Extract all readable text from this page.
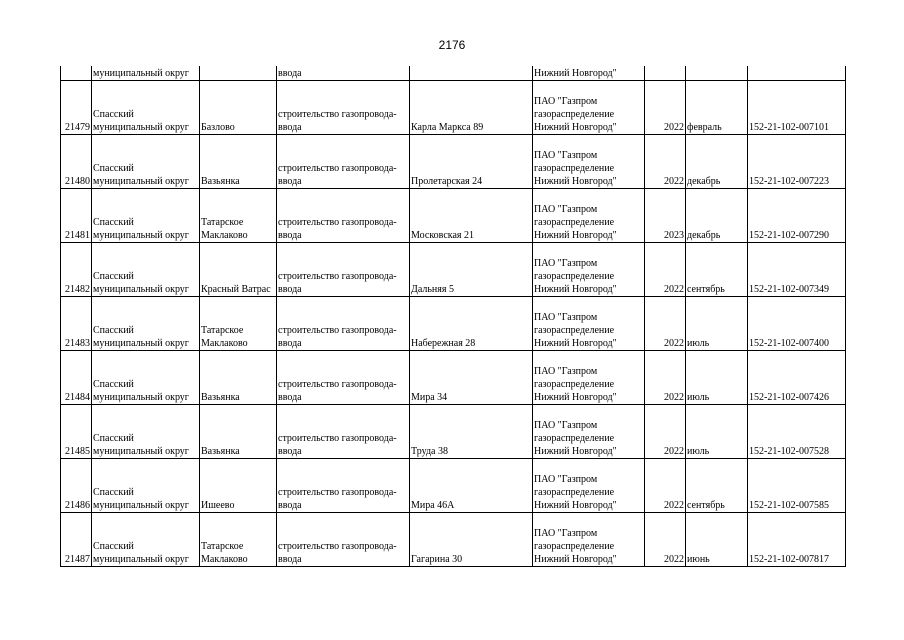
2176
	муниципальный округ		ввода		Нижний Новгород"			
21479	Спасский
муниципальный округ	Базлово	строительство газопровода-
ввода	Карла Маркса 89	ПАО "Газпром
газораспределение
Нижний Новгород"	2022	февраль	152-21-102-007101
21480	Спасский
муниципальный округ	Вазьянка	строительство газопровода-
ввода	Пролетарская 24	ПАО "Газпром
газораспределение
Нижний Новгород"	2022	декабрь	152-21-102-007223
21481	Спасский
муниципальный округ	Татарское
Маклаково	строительство газопровода-
ввода	Московская 21	ПАО "Газпром
газораспределение
Нижний Новгород"	2023	декабрь	152-21-102-007290
21482	Спасский
муниципальный округ	Красный Ватрас	строительство газопровода-
ввода	Дальняя 5	ПАО "Газпром
газораспределение
Нижний Новгород"	2022	сентябрь	152-21-102-007349
21483	Спасский
муниципальный округ	Татарское
Маклаково	строительство газопровода-
ввода	Набережная 28	ПАО "Газпром
газораспределение
Нижний Новгород"	2022	июль	152-21-102-007400
21484	Спасский
муниципальный округ	Вазьянка	строительство газопровода-
ввода	Мира 34	ПАО "Газпром
газораспределение
Нижний Новгород"	2022	июль	152-21-102-007426
21485	Спасский
муниципальный округ	Вазьянка	строительство газопровода-
ввода	Труда 38	ПАО "Газпром
газораспределение
Нижний Новгород"	2022	июль	152-21-102-007528
21486	Спасский
муниципальный округ	Ишеево	строительство газопровода-
ввода	Мира 46А	ПАО "Газпром
газораспределение
Нижний Новгород"	2022	сентябрь	152-21-102-007585
21487	Спасский
муниципальный округ	Татарское
Маклаково	строительство газопровода-
ввода	Гагарина 30	ПАО "Газпром
газораспределение
Нижний Новгород"	2022	июнь	152-21-102-007817
